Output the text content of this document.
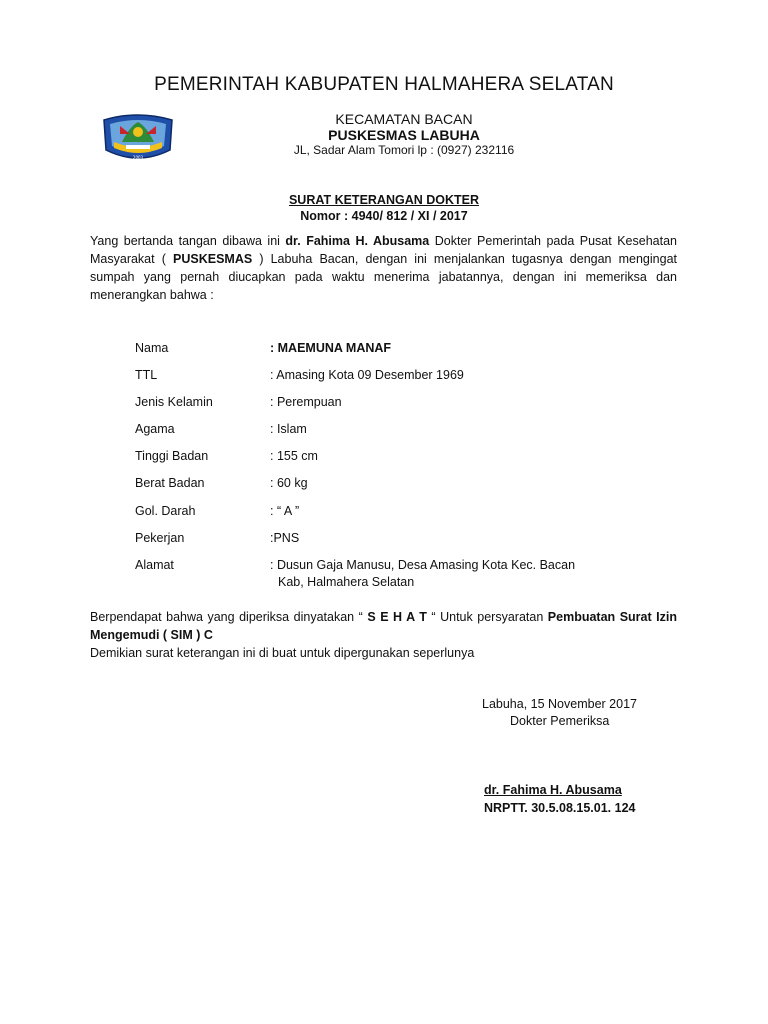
PEMERINTAH KABUPATEN HALMAHERA SELATAN
2003
KECAMATAN BACAN
PUSKESMAS LABUHA
JL, Sadar Alam Tomori lp : (0927) 232116
SURAT KETERANGAN DOKTER
Nomor : 4940/ 812 / XI / 2017
Yang bertanda tangan dibawa ini dr. Fahima H. Abusama Dokter Pemerintah pada Pusat Kesehatan Masyarakat ( PUSKESMAS ) Labuha Bacan, dengan ini menjalankan tugasnya dengan mengingat sumpah yang pernah diucapkan pada waktu menerima jabatannya, dengan ini memeriksa dan menerangkan bahwa :
Nama	: MAEMUNA MANAF
TTL	: Amasing Kota 09 Desember 1969
Jenis Kelamin	: Perempuan
Agama	: Islam
Tinggi Badan	: 155 cm
Berat Badan	: 60 kg
Gol. Darah	: “ A ”
Pekerjan	:PNS
Alamat	: Dusun Gaja Manusu, Desa Amasing Kota Kec. Bacan
Kab, Halmahera Selatan
Berpendapat bahwa yang diperiksa dinyatakan “ S E H A T “ Untuk persyaratan Pembuatan Surat Izin Mengemudi ( SIM ) C
Demikian surat keterangan ini di buat untuk dipergunakan seperlunya
Labuha, 15 November 2017
Dokter Pemeriksa
dr. Fahima H. Abusama
NRPTT. 30.5.08.15.01. 124
